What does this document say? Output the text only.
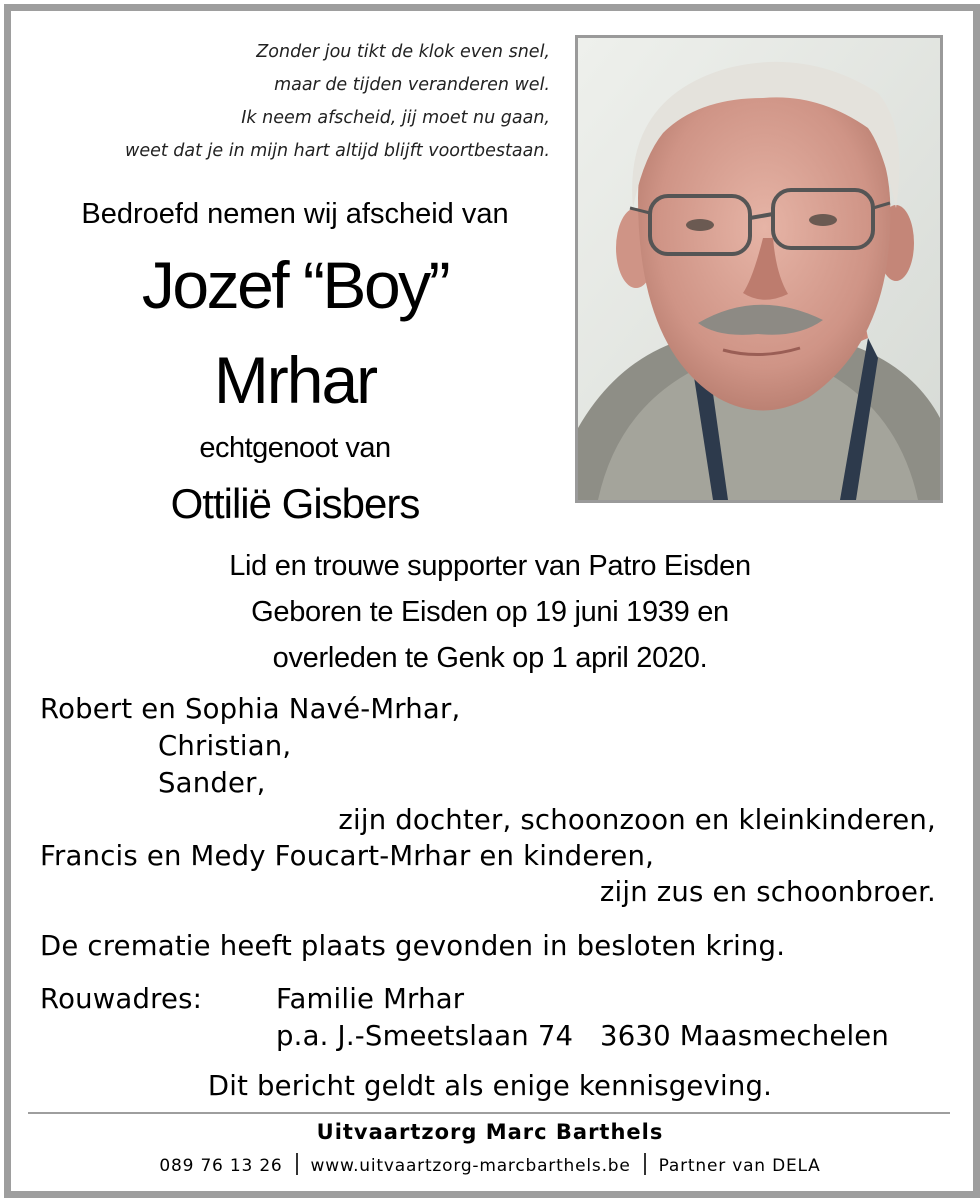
Zonder jou tikt de klok even snel,
maar de tijden veranderen wel.
Ik neem afscheid, jij moet nu gaan,
weet dat je in mijn hart altijd blijft voortbestaan.
Bedroefd nemen wij afscheid van
Jozef “Boy”
Mrhar
echtgenoot van
Ottiliё Gisbers
Lid en trouwe supporter van Patro Eisden
Geboren te Eisden op 19 juni 1939 en
overleden te Genk op 1 april 2020.
Robert en Sophia Navé-Mrhar,
Christian,
Sander,
zijn dochter, schoonzoon en kleinkinderen,
Francis en Medy Foucart-Mrhar en kinderen,
zijn zus en schoonbroer.
De crematie heeft plaats gevonden in besloten kring.
Rouwadres:	Familie Mrhar
p.a. J.-Smeetslaan 74 3630 Maasmechelen
Dit bericht geldt als enige kennisgeving.
Uitvaartzorg Marc Barthels
089 76 13 26 www.uitvaartzorg-marcbarthels.be Partner van DELA
